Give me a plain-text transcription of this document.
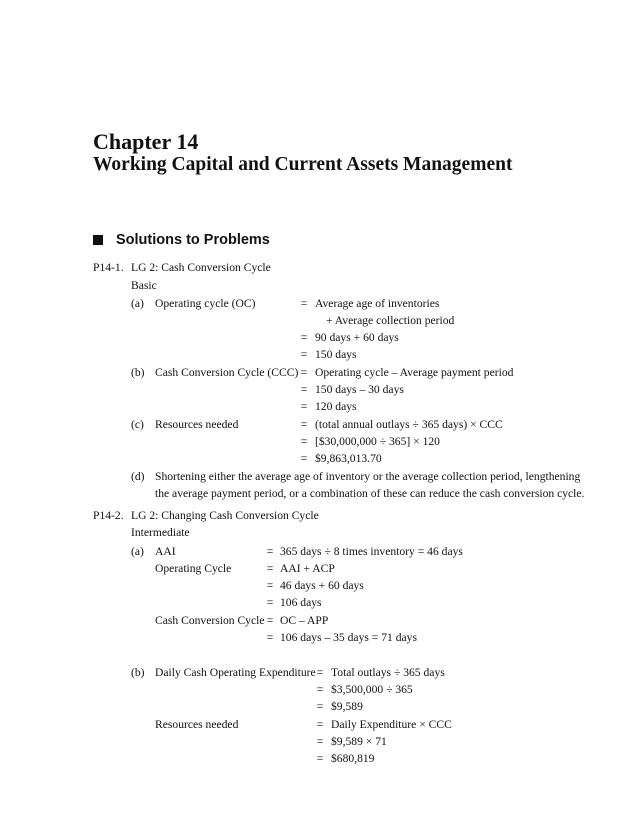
Chapter 14
Working Capital and Current Assets Management
Solutions to Problems
P14-1. LG 2: Cash Conversion Cycle
Basic
(a) Operating cycle (OC)	= Average age of inventories
+ Average collection period
= 90 days + 60 days
= 150 days
(b) Cash Conversion Cycle (CCC) = Operating cycle – Average payment period
= 150 days – 30 days
= 120 days
(c) Resources needed	= (total annual outlays ÷ 365 days) × CCC
= [$30,000,000 ÷ 365] × 120
= $9,863,013.70
(d) Shortening either the average age of inventory or the average collection period, lengthening
the average payment period, or a combination of these can reduce the cash conversion cycle.
P14-2. LG 2: Changing Cash Conversion Cycle
Intermediate
(a) AAI	= 365 days ÷ 8 times inventory = 46 days
Operating Cycle	= AAI + ACP
= 46 days + 60 days
= 106 days
Cash Conversion Cycle = OC – APP
= 106 days – 35 days = 71 days
(b) Daily Cash Operating Expenditure = Total outlays ÷ 365 days
= $3,500,000 ÷ 365
= $9,589
Resources needed	= Daily Expenditure × CCC
= $9,589 × 71
= $680,819
